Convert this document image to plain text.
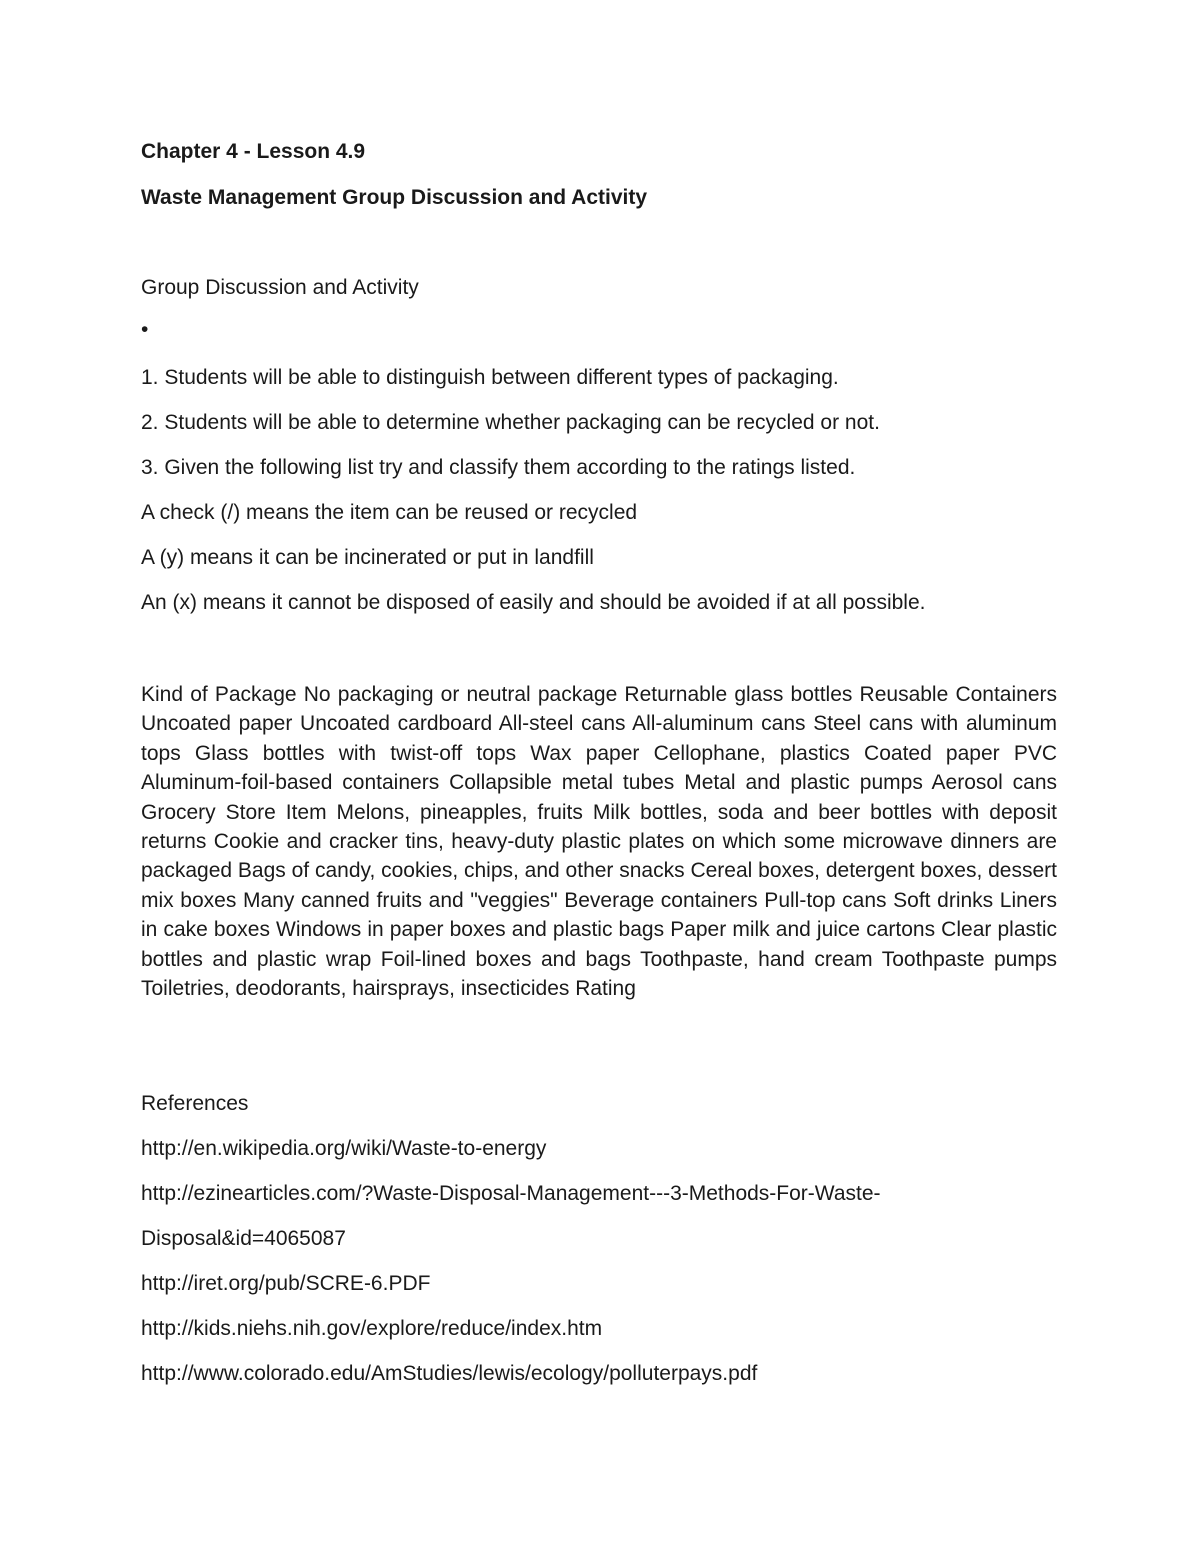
Chapter 4 - Lesson 4.9
Waste Management Group Discussion and Activity
Group Discussion and Activity
•
1. Students will be able to distinguish between different types of packaging.
2. Students will be able to determine whether packaging can be recycled or not.
3. Given the following list try and classify them according to the ratings listed.
A check (/) means the item can be reused or recycled
A (y) means it can be incinerated or put in landfill
An (x) means it cannot be disposed of easily and should be avoided if at all possible.

Kind of Package No packaging or neutral package Returnable glass bottles Reusable Containers Uncoated paper Uncoated cardboard All-steel cans All-aluminum cans Steel cans with aluminum tops Glass bottles with twist-off tops Wax paper Cellophane, plastics Coated paper PVC Aluminum-foil-based containers Collapsible metal tubes Metal and plastic pumps Aerosol cans Grocery Store Item Melons, pineapples, fruits Milk bottles, soda and beer bottles with deposit returns Cookie and cracker tins, heavy-duty plastic plates on which some microwave dinners are packaged Bags of candy, cookies, chips, and other snacks Cereal boxes, detergent boxes, dessert mix boxes Many canned fruits and "veggies" Beverage containers Pull-top cans Soft drinks Liners in cake boxes Windows in paper boxes and plastic bags Paper milk and juice cartons Clear plastic bottles and plastic wrap Foil-lined boxes and bags Toothpaste, hand cream Toothpaste pumps Toiletries, deodorants, hairsprays, insecticides Rating

References
http://en.wikipedia.org/wiki/Waste-to-energy
http://ezinearticles.com/?Waste-Disposal-Management---3-Methods-For-Waste-
Disposal&id=4065087
http://iret.org/pub/SCRE-6.PDF
http://kids.niehs.nih.gov/explore/reduce/index.htm
http://www.colorado.edu/AmStudies/lewis/ecology/polluterpays.pdf
